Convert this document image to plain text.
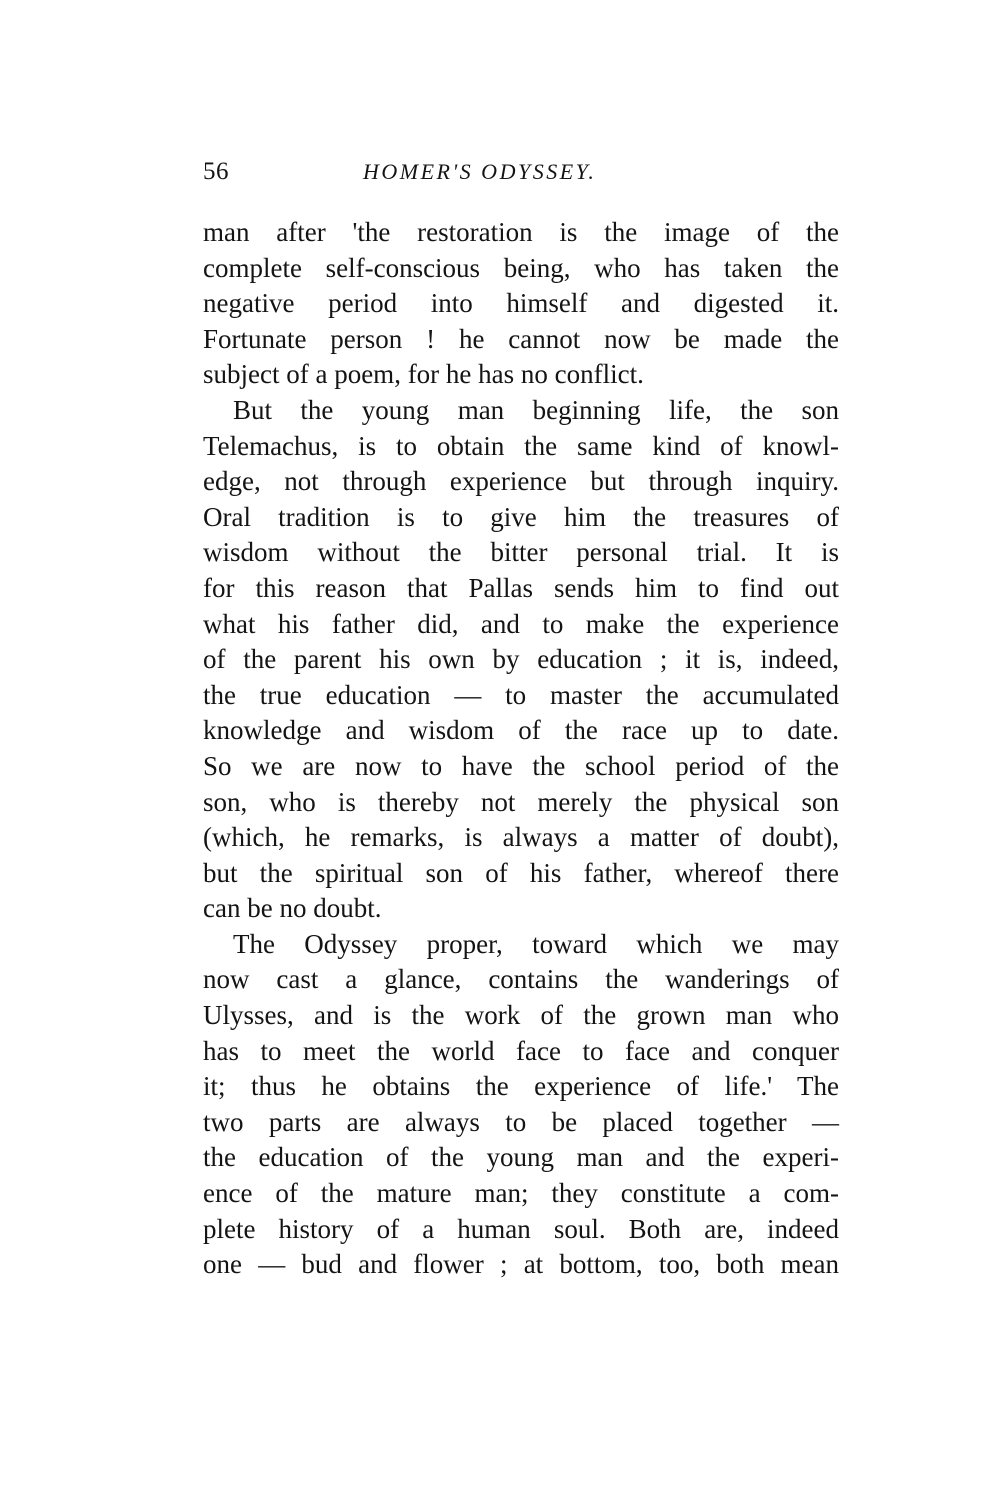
56	HOMER'S ODYSSEY.
man after 'the restoration is the image of the
complete self-conscious being, who has taken the
negative period into himself and digested it.
Fortunate person ! he cannot now be made the
subject of a poem, for he has no conflict.
But the young man beginning life, the son
Telemachus, is to obtain the same kind of knowl-
edge, not through experience but through inquiry.
Oral tradition is to give him the treasures of
wisdom without the bitter personal trial. It is
for this reason that Pallas sends him to find out
what his father did, and to make the experience
of the parent his own by education ; it is, indeed,
the true education — to master the accumulated
knowledge and wisdom of the race up to date.
So we are now to have the school period of the
son, who is thereby not merely the physical son
(which, he remarks, is always a matter of doubt),
but the spiritual son of his father, whereof there
can be no doubt.
The Odyssey proper, toward which we may
now cast a glance, contains the wanderings of
Ulysses, and is the work of the grown man who
has to meet the world face to face and conquer
it; thus he obtains the experience of life.' The
two parts are always to be placed together —
the education of the young man and the experi-
ence of the mature man; they constitute a com-
plete history of a human soul. Both are, indeed
one — bud and flower ; at bottom, too, both mean
